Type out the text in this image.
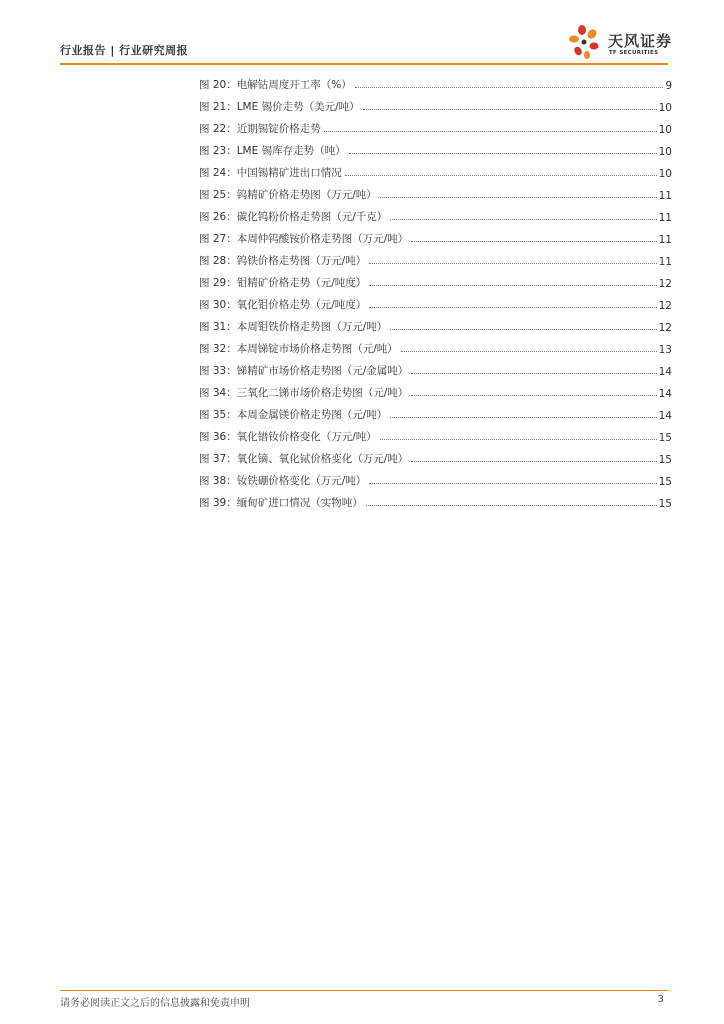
行业报告 | 行业研究周报
天风证券
TF SECURITIES
图 20：电解钴周度开工率（%）	9
图 21：LME 锡价走势（美元/吨）	10
图 22：近期锡锭价格走势	10
图 23：LME 锡库存走势（吨）	10
图 24：中国锡精矿进出口情况	10
图 25：钨精矿价格走势图（万元/吨）	11
图 26：碳化钨粉价格走势图（元/千克）	11
图 27：本周仲钨酸铵价格走势图（万元/吨）	11
图 28：钨铁价格走势图（万元/吨）	11
图 29：钼精矿价格走势（元/吨度）	12
图 30：氧化钼价格走势（元/吨度）	12
图 31：本周钼铁价格走势图（万元/吨）	12
图 32：本周锑锭市场价格走势图（元/吨）	13
图 33：锑精矿市场价格走势图（元/金属吨）	14
图 34：三氧化二锑市场价格走势图（元/吨）	14
图 35：本周金属镁价格走势图（元/吨）	14
图 36：氧化镨钕价格变化（万元/吨）	15
图 37：氧化镝、氧化铽价格变化（万元/吨）	15
图 38：钕铁硼价格变化（万元/吨）	15
图 39：缅甸矿进口情况（实物吨）	15
请务必阅读正文之后的信息披露和免责申明	3
